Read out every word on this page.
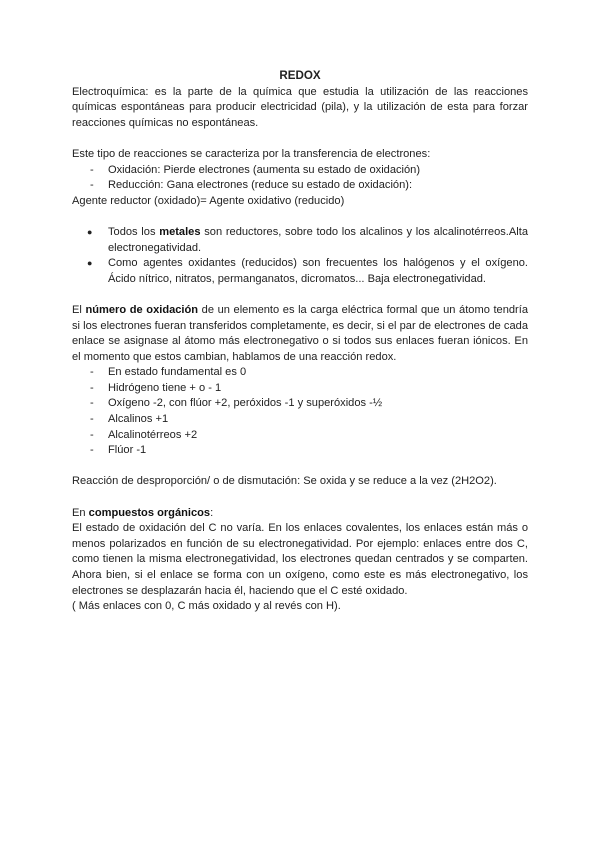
REDOX

Electroquímica: es la parte de la química que estudia la utilización de las reacciones químicas espontáneas para producir electricidad (pila), y la utilización de esta para forzar reacciones químicas no espontáneas.

Este tipo de reacciones se caracteriza por la transferencia de electrones:

- Oxidación: Pierde electrones (aumenta su estado de oxidación)
- Reducción: Gana electrones (reduce su estado de oxidación):

Agente reductor (oxidado)= Agente oxidativo (reducido)

● Todos los metales son reductores, sobre todo los alcalinos y los alcalinotérreos.Alta electronegatividad.
● Como agentes oxidantes (reducidos) son frecuentes los halógenos y el oxígeno. Ácido nítrico, nitratos, permanganatos, dicromatos... Baja electronegatividad.

El número de oxidación de un elemento es la carga eléctrica formal que un átomo tendría si los electrones fueran transferidos completamente, es decir, si el par de electrones de cada enlace se asignase al átomo más electronegativo o si todos sus enlaces fueran iónicos. En el momento que estos cambian, hablamos de una reacción redox.

- En estado fundamental es 0
- Hidrógeno tiene + o - 1
- Oxígeno -2, con flúor +2, peróxidos -1 y superóxidos -½
- Alcalinos +1
- Alcalinotérreos +2
- Flúor -1

Reacción de desproporción/ o de dismutación: Se oxida y se reduce a la vez (2H2O2).

En compuestos orgánicos:

El estado de oxidación del C no varía. En los enlaces covalentes, los enlaces están más o menos polarizados en función de su electronegatividad. Por ejemplo: enlaces entre dos C, como tienen la misma electronegatividad, los electrones quedan centrados y se comparten. Ahora bien, si el enlace se forma con un oxígeno, como este es más electronegativo, los electrones se desplazarán hacia él, haciendo que el C esté oxidado.

( Más enlaces con 0, C más oxidado y al revés con H).
